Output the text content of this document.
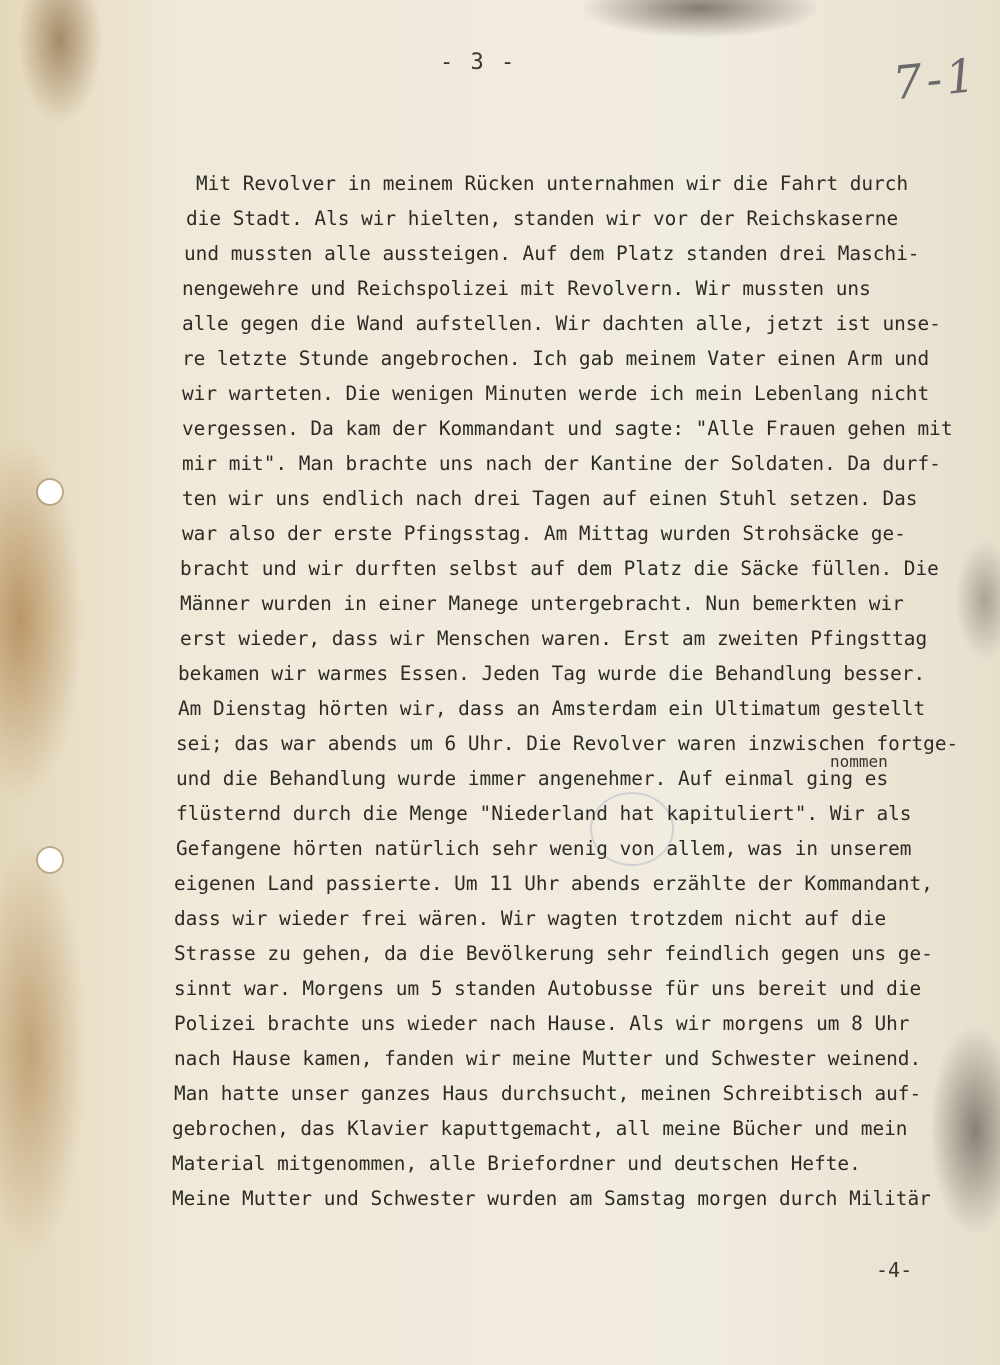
- 3 -	7-1

Mit Revolver in meinem Rücken unternahmen wir die Fahrt durch

die Stadt. Als wir hielten, standen wir vor der Reichskaserne

und mussten alle aussteigen. Auf dem Platz standen drei Maschi-

nengewehre und Reichspolizei mit Revolvern. Wir mussten uns

alle gegen die Wand aufstellen. Wir dachten alle, jetzt ist unse-

re letzte Stunde angebrochen. Ich gab meinem Vater einen Arm und

wir warteten. Die wenigen Minuten werde ich mein Lebenlang nicht

vergessen. Da kam der Kommandant und sagte: "Alle Frauen gehen mit

mir mit". Man brachte uns nach der Kantine der Soldaten. Da durf-

ten wir uns endlich nach drei Tagen auf einen Stuhl setzen. Das

war also der erste Pfingsstag. Am Mittag wurden Strohsäcke ge-

bracht und wir durften selbst auf dem Platz die Säcke füllen. Die

Männer wurden in einer Manege untergebracht. Nun bemerkten wir

erst wieder, dass wir Menschen waren. Erst am zweiten Pfingsttag

bekamen wir warmes Essen. Jeden Tag wurde die Behandlung besser.

Am Dienstag hörten wir, dass an Amsterdam ein Ultimatum gestellt

sei; das war abends um 6 Uhr. Die Revolver waren inzwischen fortge-

und die Behandlung wurde immer angenehmer. Auf einmal ging es

flüsternd durch die Menge "Niederland hat kapituliert". Wir als

Gefangene hörten natürlich sehr wenig von allem, was in unserem

eigenen Land passierte. Um 11 Uhr abends erzählte der Kommandant,

dass wir wieder frei wären. Wir wagten trotzdem nicht auf die

Strasse zu gehen, da die Bevölkerung sehr feindlich gegen uns ge-

sinnt war. Morgens um 5 standen Autobusse für uns bereit und die

Polizei brachte uns wieder nach Hause. Als wir morgens um 8 Uhr

nach Hause kamen, fanden wir meine Mutter und Schwester weinend.

Man hatte unser ganzes Haus durchsucht, meinen Schreibtisch auf-

gebrochen, das Klavier kaputtgemacht, all meine Bücher und mein

Material mitgenommen, alle Briefordner und deutschen Hefte.

Meine Mutter und Schwester wurden am Samstag morgen durch Militär

nommen
-4-
